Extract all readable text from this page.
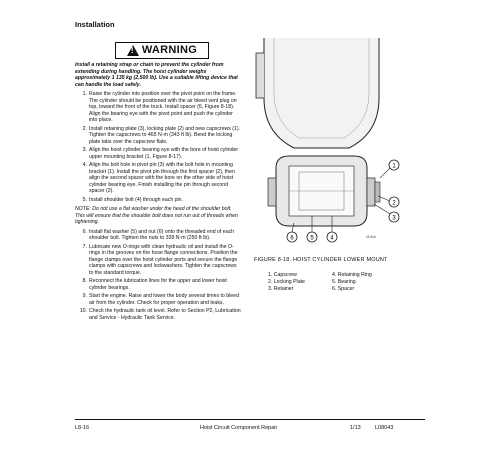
Installation
! WARNING
Install a retaining strap or chain to prevent the cylinder from extending during handling. The hoist cylinder weighs approximately 1 135 kg (2,500 lb). Use a suitable lifting device that can handle the load safely.
1. Raise the cylinder into position over the pivot point on the frame. The cylinder should be positioned with the air bleed vent plug on top, toward the front of the truck. Install spacer (6, Figure 8-18). Align the bearing eye with the pivot point and push the cylinder into place.
2. Install retaining plate (3), locking plate (2) and new capscrews (1). Tighten the capscrews to 465 N·m (343 ft lb). Bend the locking plate tabs over the capscrew flats.
3. Align the hoist cylinder bearing eye with the bore of hoist cylinder upper mounting bracket (1, Figure 8-17).
4. Align the bolt hole in pivot pin (3) with the bolt hole in mounting bracket (1). Install the pivot pin through the first spacer (2), then align the second spacer with the bore on the other side of hoist cylinder bearing eye. Finish installing the pin through second spacer (2).
5. Install shoulder bolt (4) through each pin.
NOTE: Do not use a flat washer under the head of the shoulder bolt. This will ensure that the shoulder bolt does not run out of threads when tightening.
6. Install flat washer (5) and nut (6) onto the threaded end of each shoulder bolt. Tighten the nuts to 339 N·m (250 ft lb).
7. Lubricate new O-rings with clean hydraulic oil and install the O-rings in the grooves on the hose flange connections. Position the flange clamps over the hoist cylinder ports and secure the flange clamps with capscrews and lockwashers. Tighten the capscrews to the standard torque.
8. Reconnect the lubrication lines for the upper and lower hoist cylinder bearings.
9. Start the engine. Raise and lower the body several times to bleed air from the cylinder. Check for proper operation and leaks.
10. Check the hydraulic tank oil level. Refer to Section P2, Lubrication and Service - Hydraulic Tank Service.
1
2
3
6	5	4	NL8cb
FIGURE 8-18. HOIST CYLINDER LOWER MOUNT
1. Capscrew	4. Retaining Ring
2. Locking Plate	5. Bearing
3. Retainer	6. Spacer
L8-16	Hoist Circuit Component Repair	1/13	L08043
